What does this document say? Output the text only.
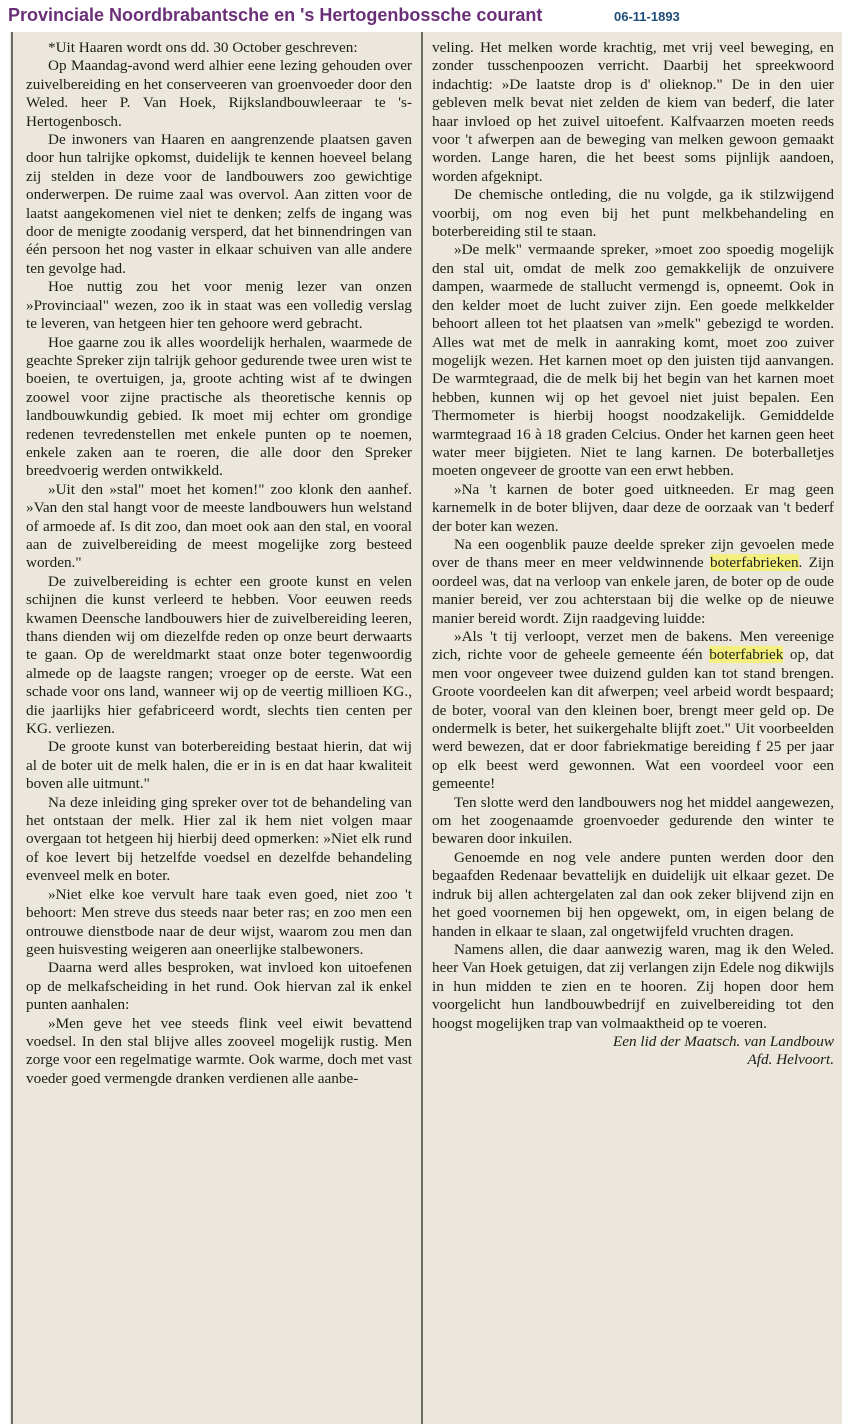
Provinciale Noordbrabantsche en 's Hertogenbossche courant	06-11-1893

*Uit Haaren wordt ons dd. 30 October geschreven:

Op Maandag-avond werd alhier eene lezing gehouden over zuivelbereiding en het conserveeren van groenvoeder door den Weled. heer P. Van Hoek, Rijkslandbouwleeraar te 's-Hertogenbosch.

De inwoners van Haaren en aangrenzende plaatsen gaven door hun talrijke opkomst, duidelijk te kennen hoeveel belang zij stelden in deze voor de landbouwers zoo gewichtige onderwerpen. De ruime zaal was overvol. Aan zitten voor de laatst aangekomenen viel niet te denken; zelfs de ingang was door de menigte zoodanig versperd, dat het binnendringen van één persoon het nog vaster in elkaar schuiven van alle andere ten gevolge had.

Hoe nuttig zou het voor menig lezer van onzen »Provinciaal" wezen, zoo ik in staat was een volledig verslag te leveren, van hetgeen hier ten gehoore werd gebracht.

Hoe gaarne zou ik alles woordelijk herhalen, waarmede de geachte Spreker zijn talrijk gehoor gedurende twee uren wist te boeien, te overtuigen, ja, groote achting wist af te dwingen zoowel voor zijne practische als theoretische kennis op landbouwkundig gebied. Ik moet mij echter om grondige redenen tevredenstellen met enkele punten op te noemen, enkele zaken aan te roeren, die alle door den Spreker breedvoerig werden ontwikkeld.

»Uit den »stal" moet het komen!" zoo klonk den aanhef. »Van den stal hangt voor de meeste landbouwers hun welstand of armoede af. Is dit zoo, dan moet ook aan den stal, en vooral aan de zuivelbereiding de meest mogelijke zorg besteed worden."

De zuivelbereiding is echter een groote kunst en velen schijnen die kunst verleerd te hebben. Voor eeuwen reeds kwamen Deensche landbouwers hier de zuivelbereiding leeren, thans dienden wij om diezelfde reden op onze beurt derwaarts te gaan. Op de wereldmarkt staat onze boter tegenwoordig almede op de laagste rangen; vroeger op de eerste. Wat een schade voor ons land, wanneer wij op de veertig millioen KG., die jaarlijks hier gefabriceerd wordt, slechts tien centen per KG. verliezen.

De groote kunst van boterbereiding bestaat hierin, dat wij al de boter uit de melk halen, die er in is en dat haar kwaliteit boven alle uitmunt."

Na deze inleiding ging spreker over tot de behandeling van het ontstaan der melk. Hier zal ik hem niet volgen maar overgaan tot hetgeen hij hierbij deed opmerken: »Niet elk rund of koe levert bij hetzelfde voedsel en dezelfde behandeling evenveel melk en boter.

»Niet elke koe vervult hare taak even goed, niet zoo 't behoort: Men streve dus steeds naar beter ras; en zoo men een ontrouwe dienstbode naar de deur wijst, waarom zou men dan geen huisvesting weigeren aan oneerlijke stalbewoners.

Daarna werd alles besproken, wat invloed kon uitoefenen op de melkafscheiding in het rund. Ook hiervan zal ik enkel punten aanhalen:

»Men geve het vee steeds flink veel eiwit bevattend voedsel. In den stal blijve alles zooveel mogelijk rustig. Men zorge voor een regelmatige warmte. Ook warme, doch met vast voeder goed vermengde dranken verdienen alle aanbe-

veling. Het melken worde krachtig, met vrij veel beweging, en zonder tusschenpoozen verricht. Daarbij het spreekwoord indachtig: »De laatste drop is d' olieknop." De in den uier gebleven melk bevat niet zelden de kiem van bederf, die later haar invloed op het zuivel uitoefent. Kalfvaarzen moeten reeds voor 't afwerpen aan de beweging van melken gewoon gemaakt worden. Lange haren, die het beest soms pijnlijk aandoen, worden afgeknipt.

De chemische ontleding, die nu volgde, ga ik stilzwijgend voorbij, om nog even bij het punt melkbehandeling en boterbereiding stil te staan.

»De melk" vermaande spreker, »moet zoo spoedig mogelijk den stal uit, omdat de melk zoo gemakkelijk de onzuivere dampen, waarmede de stallucht vermengd is, opneemt. Ook in den kelder moet de lucht zuiver zijn. Een goede melkkelder behoort alleen tot het plaatsen van »melk" gebezigd te worden. Alles wat met de melk in aanraking komt, moet zoo zuiver mogelijk wezen. Het karnen moet op den juisten tijd aanvangen. De warmtegraad, die de melk bij het begin van het karnen moet hebben, kunnen wij op het gevoel niet juist bepalen. Een Thermometer is hierbij hoogst noodzakelijk. Gemiddelde warmtegraad 16 à 18 graden Celcius. Onder het karnen geen heet water meer bijgieten. Niet te lang karnen. De boterballetjes moeten ongeveer de grootte van een erwt hebben.

»Na 't karnen de boter goed uitkneeden. Er mag geen karnemelk in de boter blijven, daar deze de oorzaak van 't bederf der boter kan wezen.

Na een oogenblik pauze deelde spreker zijn gevoelen mede over de thans meer en meer veldwinnende boterfabrieken. Zijn oordeel was, dat na verloop van enkele jaren, de boter op de oude manier bereid, ver zou achterstaan bij die welke op de nieuwe manier bereid wordt. Zijn raadgeving luidde:

»Als 't tij verloopt, verzet men de bakens. Men vereenige zich, richte voor de geheele gemeente één boterfabriek op, dat men voor ongeveer twee duizend gulden kan tot stand brengen. Groote voordeelen kan dit afwerpen; veel arbeid wordt bespaard; de boter, vooral van den kleinen boer, brengt meer geld op. De ondermelk is beter, het suikergehalte blijft zoet." Uit voorbeelden werd bewezen, dat er door fabriekmatige bereiding f 25 per jaar op elk beest werd gewonnen. Wat een voordeel voor een gemeente!

Ten slotte werd den landbouwers nog het middel aangewezen, om het zoogenaamde groenvoeder gedurende den winter te bewaren door inkuilen.

Genoemde en nog vele andere punten werden door den begaafden Redenaar bevattelijk en duidelijk uit elkaar gezet. De indruk bij allen achtergelaten zal dan ook zeker blijvend zijn en het goed voornemen bij hen opgewekt, om, in eigen belang de handen in elkaar te slaan, zal ongetwijfeld vruchten dragen.

Namens allen, die daar aanwezig waren, mag ik den Weled. heer Van Hoek getuigen, dat zij verlangen zijn Edele nog dikwijls in hun midden te zien en te hooren. Zij hopen door hem voorgelicht hun landbouwbedrijf en zuivelbereiding tot den hoogst mogelijken trap van volmaaktheid op te voeren.

Een lid der Maatsch. van Landbouw

Afd. Helvoort.
